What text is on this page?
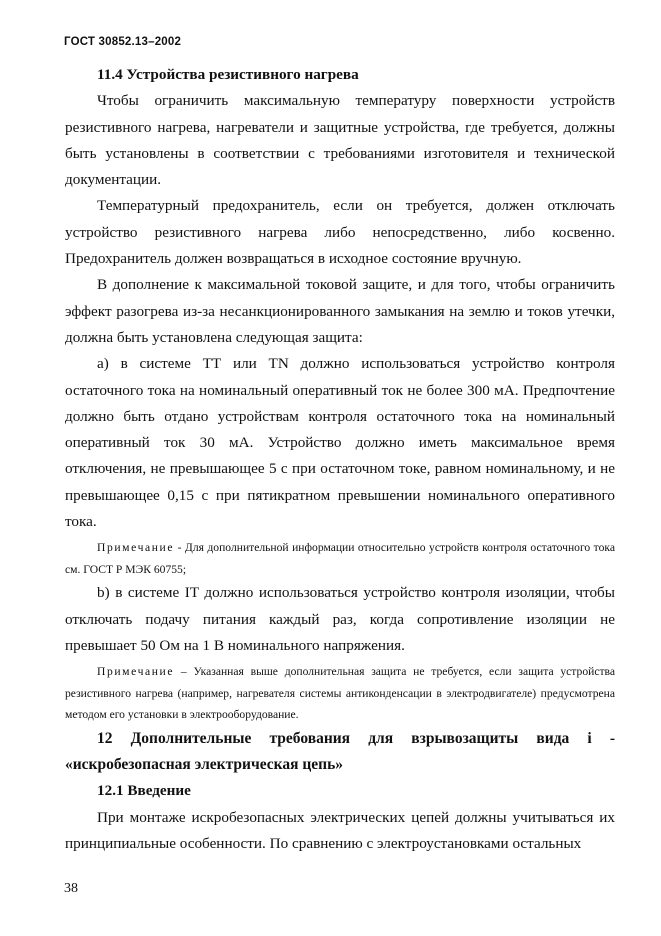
ГОСТ 30852.13–2002
11.4 Устройства резистивного нагрева

Чтобы ограничить максимальную температуру поверхности устройств резистивного нагрева, нагреватели и защитные устройства, где требуется, должны быть установлены в соответствии с требованиями изготовителя и технической документации.

Температурный предохранитель, если он требуется, должен отключать устройство резистивного нагрева либо непосредственно, либо косвенно. Предохранитель должен возвращаться в исходное состояние вручную.

В дополнение к максимальной токовой защите, и для того, чтобы ограничить эффект разогрева из-за несанкционированного замыкания на землю и токов утечки, должна быть установлена следующая защита:

а) в системе ТТ или TN должно использоваться устройство контроля остаточного тока на номинальный оперативный ток не более 300 мА. Предпочтение должно быть отдано устройствам контроля остаточного тока на номинальный оперативный ток 30 мА. Устройство должно иметь максимальное время отключения, не превышающее 5 с при остаточном токе, равном номинальному, и не превышающее 0,15 с при пятикратном превышении номинального оперативного тока.

Примечание - Для дополнительной информации относительно устройств контроля остаточного тока см. ГОСТ Р МЭК 60755;

b) в системе IT должно использоваться устройство контроля изоляции, чтобы отключать подачу питания каждый раз, когда сопротивление изоляции не превышает 50 Ом на 1 В номинального напряжения.

Примечание – Указанная выше дополнительная защита не требуется, если защита устройства резистивного нагрева (например, нагревателя системы антиконденсации в электродвигателе) предусмотрена методом его установки в электрооборудование.

12 Дополнительные требования для взрывозащиты вида i - «искробезопасная электрическая цепь»
12.1 Введение

При монтаже искробезопасных электрических цепей должны учитываться их принципиальные особенности. По сравнению с электроустановками остальных

38
